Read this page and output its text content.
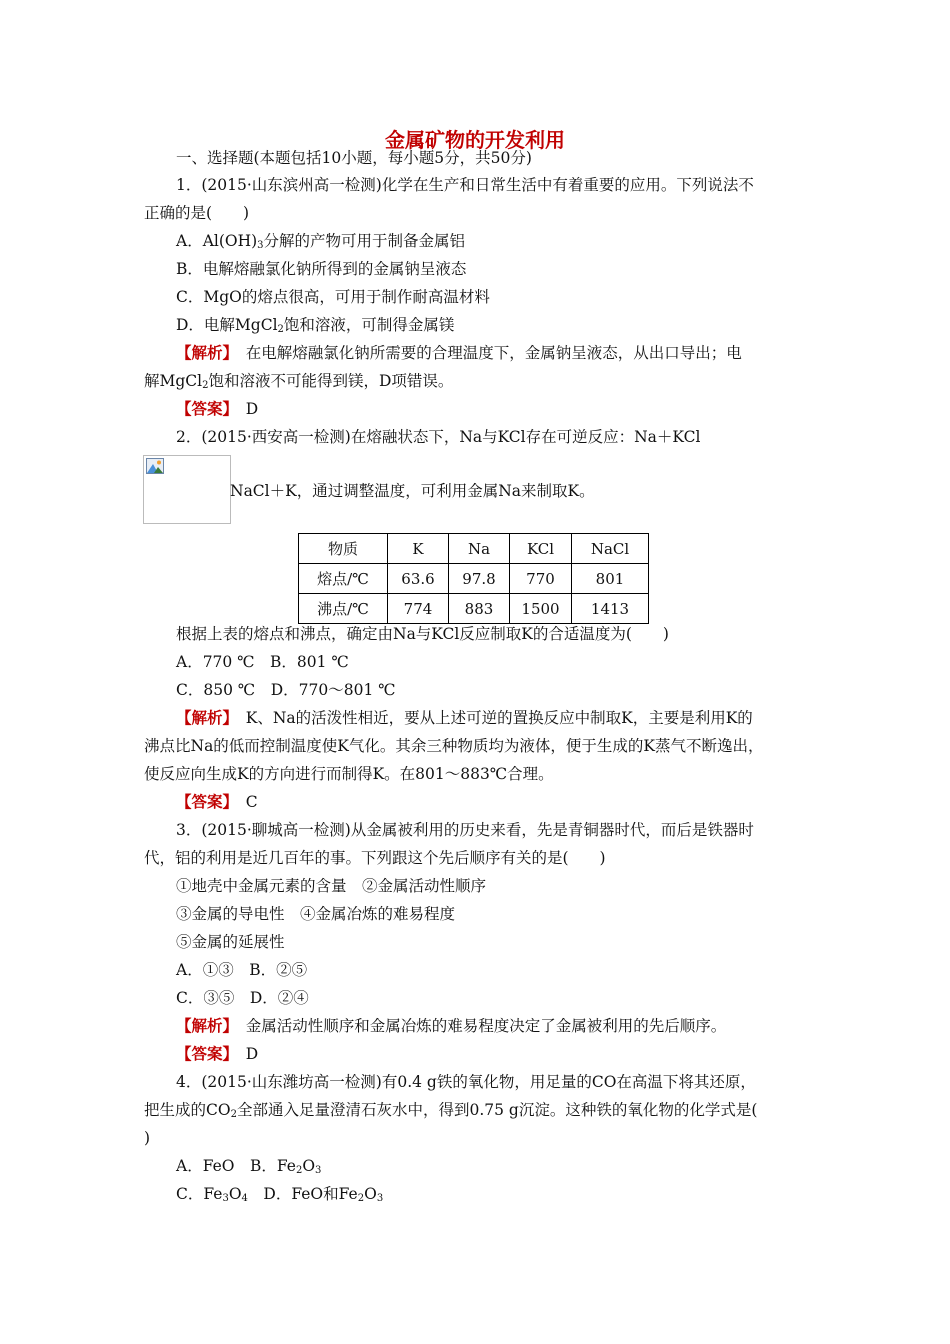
金属矿物的开发利用
一、选择题(本题包括10小题，每小题5分，共50分)
1．(2015·山东滨州高一检测)化学在生产和日常生活中有着重要的应用。下列说法不
正确的是(　　)
A．$Al(OH)_3$分解的产物可用于制备金属铝
B．电解熔融氯化钠所得到的金属钠呈液态
C．MgO的熔点很高，可用于制作耐高温材料
D．电解MgCl$_2$饱和溶液，可制得金属镁
【解析】　在电解熔融氯化钠所需要的合理温度下，金属钠呈液态，从出口导出；电
解MgCl$_2$饱和溶液不可能得到镁，D项错误。
【答案】　D
2．(2015·西安高一检测)在熔融状态下，Na与KCl存在可逆反应：Na＋KCl
NaCl＋K，通过调整温度，可利用金属Na来制取K。
物质	K	Na	KCl	NaCl
熔点/℃	63.6	97.8	770	801
沸点/℃	774	883	1500	1413
根据上表的熔点和沸点，确定由Na与KCl反应制取K的合适温度为(　　)
A．770 ℃　B．801 ℃
C．850 ℃　D．770～801 ℃
【解析】　K、Na的活泼性相近，要从上述可逆的置换反应中制取K，主要是利用K的
沸点比Na的低而控制温度使K气化。其余三种物质均为液体，便于生成的K蒸气不断逸出，
使反应向生成K的方向进行而制得K。在801～883℃合理。
【答案】　C
3．(2015·聊城高一检测)从金属被利用的历史来看，先是青铜器时代，而后是铁器时
代，铝的利用是近几百年的事。下列跟这个先后顺序有关的是(　　)
①地壳中金属元素的含量　②金属活动性顺序
③金属的导电性　④金属冶炼的难易程度
⑤金属的延展性
A．①③　B．②⑤
C．③⑤　D．②④
【解析】　金属活动性顺序和金属冶炼的难易程度决定了金属被利用的先后顺序。
【答案】　D
4．(2015·山东潍坊高一检测)有0.4 g铁的氧化物，用足量的CO在高温下将其还原，
把生成的$CO_2$全部通入足量澄清石灰水中，得到0.75 g沉淀。这种铁的氧化物的化学式是(
)
A．FeO　B．$Fe_2O_3$
C．$Fe_3O_4$　D．FeO和$Fe_2O_3$
